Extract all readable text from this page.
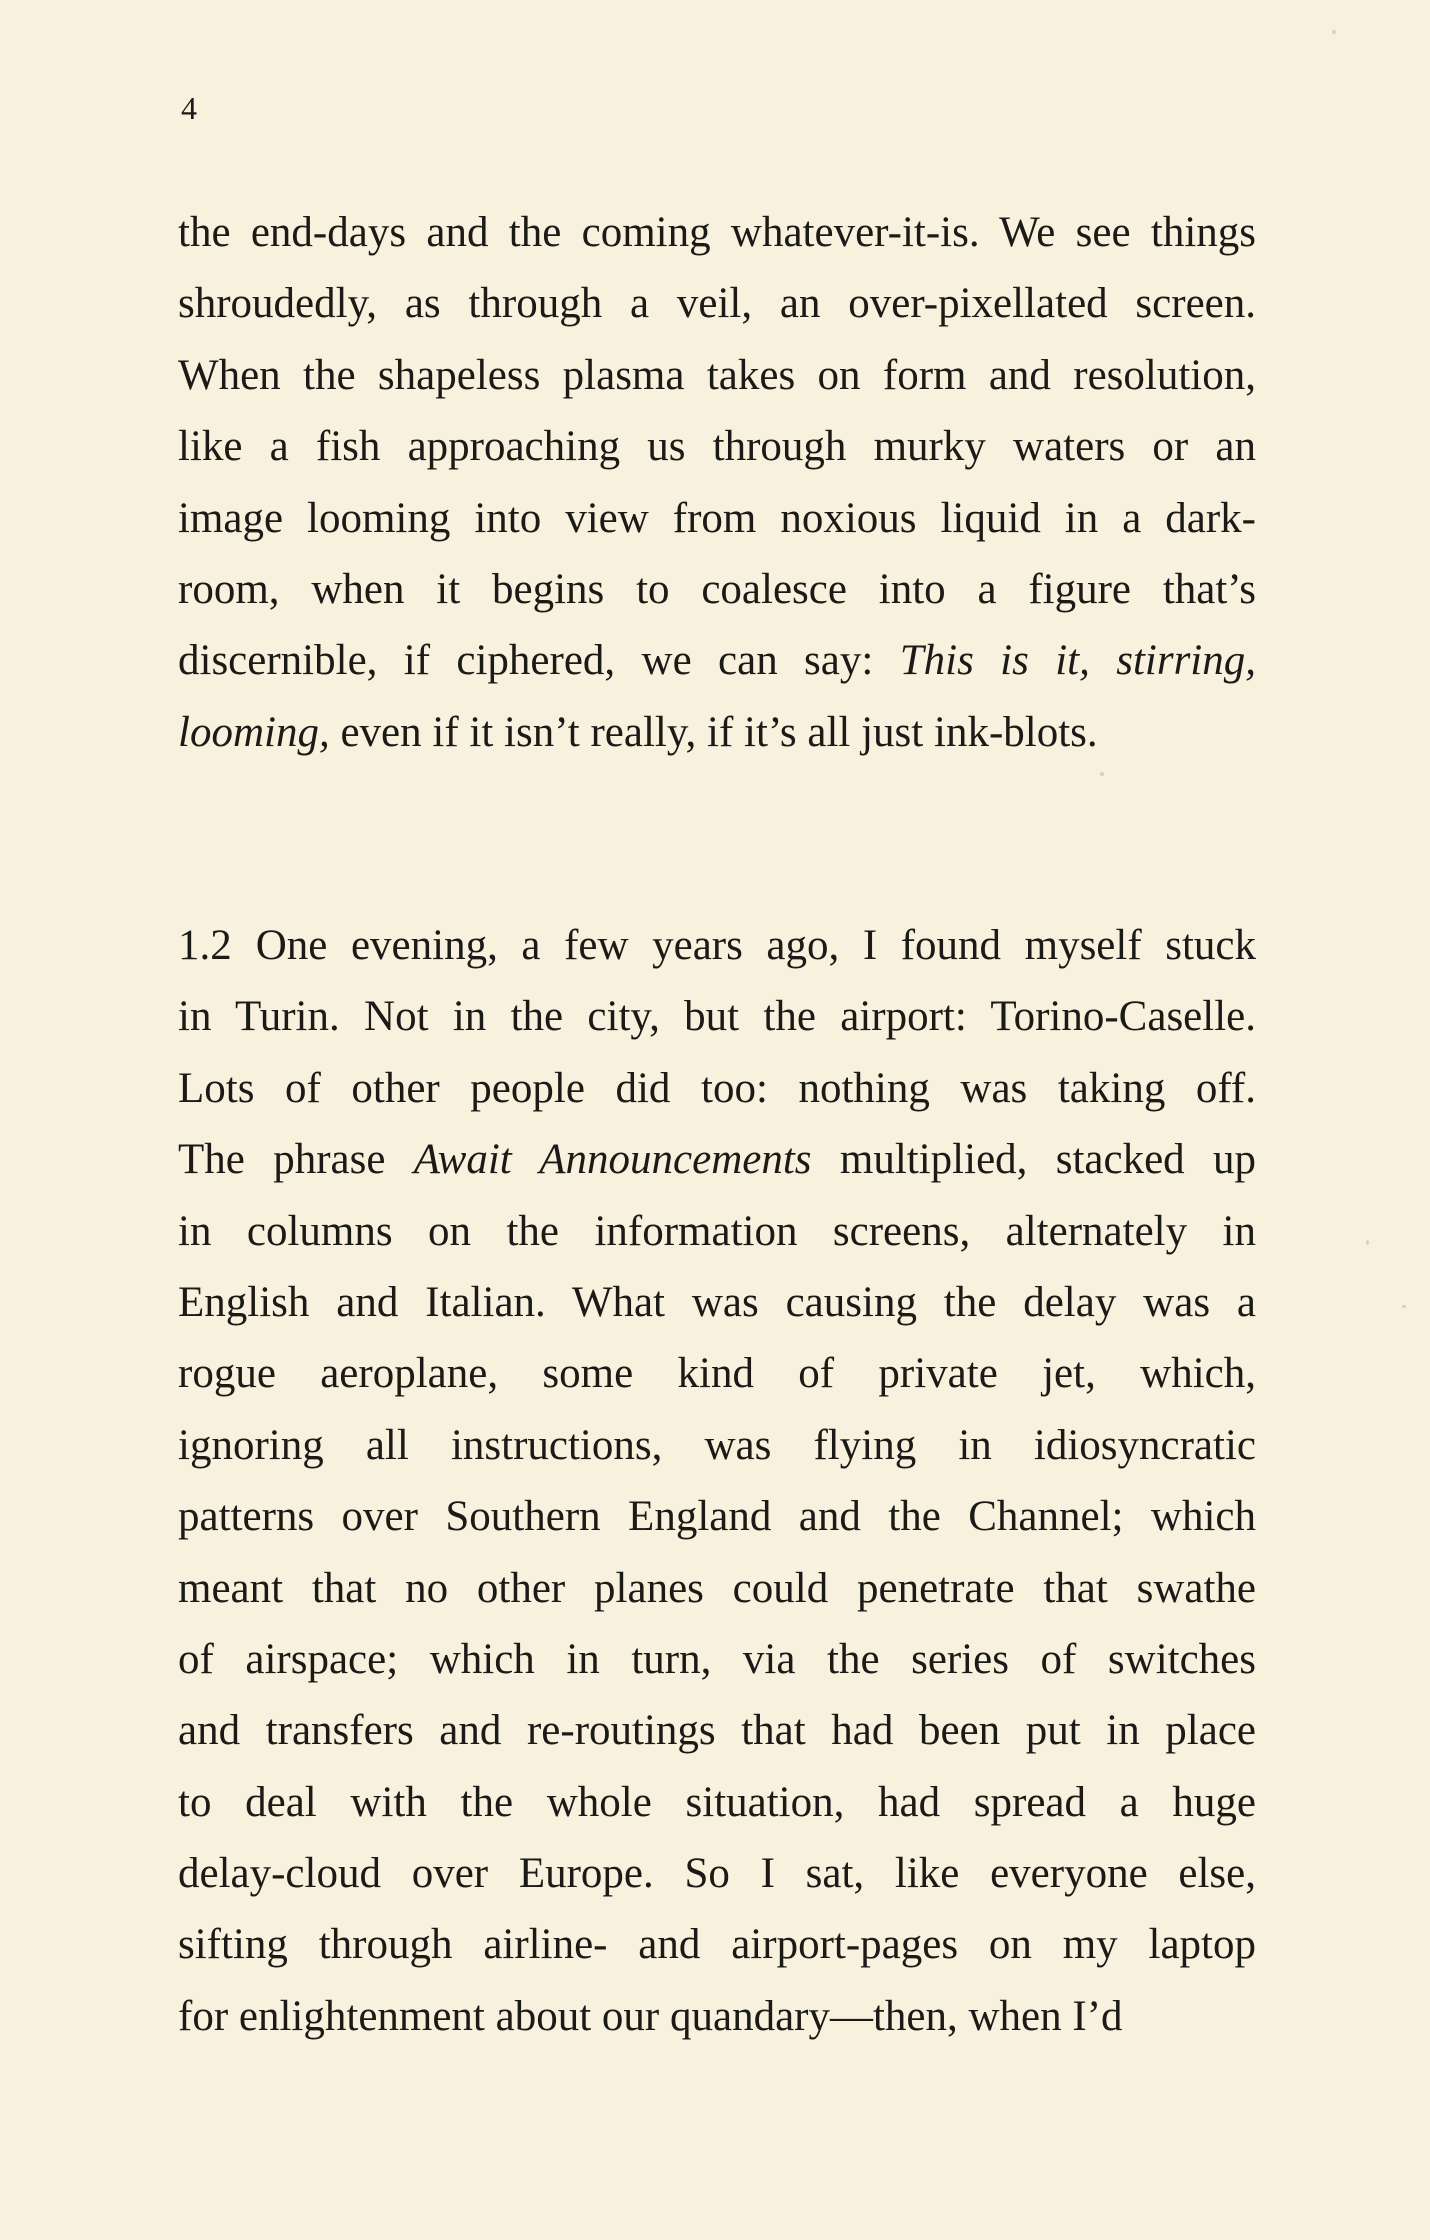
4
the end-days and the coming whatever-it-is. We see things
shroudedly, as through a veil, an over-pixellated screen.
When the shapeless plasma takes on form and resolution,
like a fish approaching us through murky waters or an
image looming into view from noxious liquid in a dark-
room, when it begins to coalesce into a figure that’s
discernible, if ciphered, we can say: This is it, stirring,
looming, even if it isn’t really, if it’s all just ink-blots.
1.2 One evening, a few years ago, I found myself stuck
in Turin. Not in the city, but the airport: Torino-Caselle.
Lots of other people did too: nothing was taking off.
The phrase Await Announcements multiplied, stacked up
in columns on the information screens, alternately in
English and Italian. What was causing the delay was a
rogue aeroplane, some kind of private jet, which,
ignoring all instructions, was flying in idiosyncratic
patterns over Southern England and the Channel; which
meant that no other planes could penetrate that swathe
of airspace; which in turn, via the series of switches
and transfers and re-routings that had been put in place
to deal with the whole situation, had spread a huge
delay-cloud over Europe. So I sat, like everyone else,
sifting through airline- and airport-pages on my laptop
for enlightenment about our quandary—then, when I’d
